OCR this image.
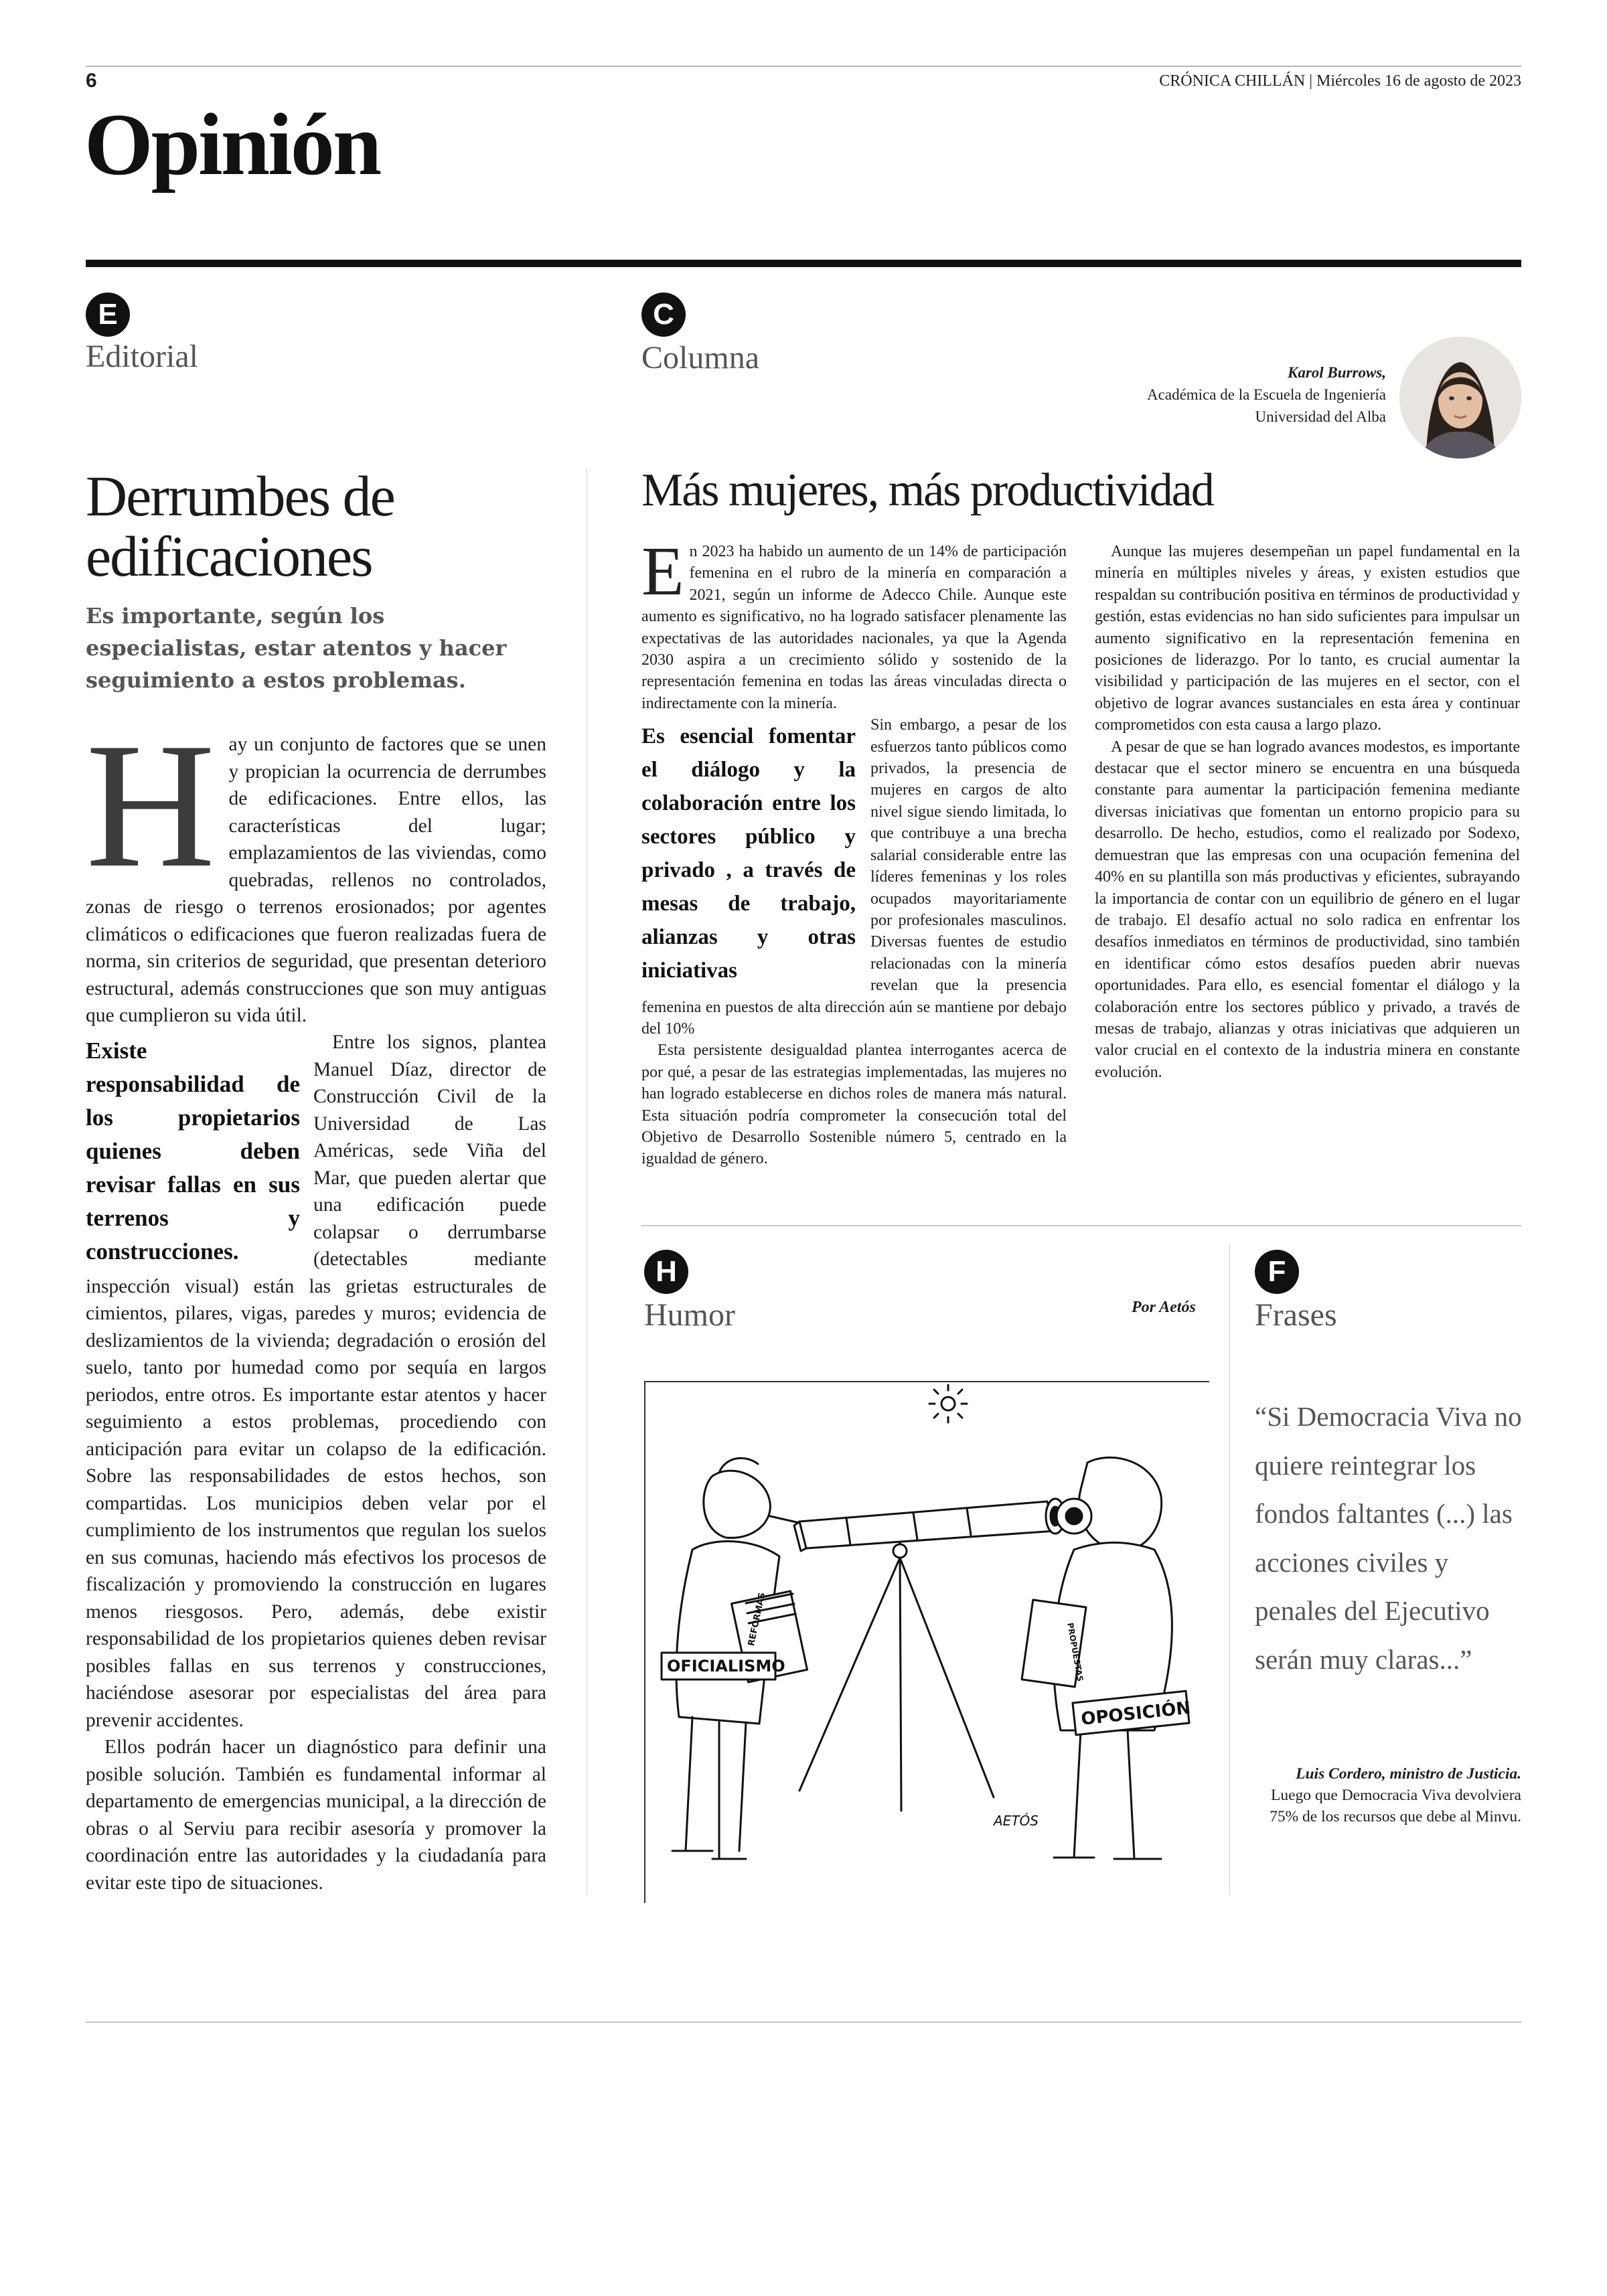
6	CRÓNICA CHILLÁN | Miércoles 16 de agosto de 2023
Opinión
E
Editorial
Derrumbes de edificaciones
Es importante, según los especialistas, estar atentos y hacer seguimiento a estos problemas.
H ay un conjunto de factores que se unen y propician la ocurrencia de derrumbes de edificaciones. Entre ellos, las características del lugar; emplazamientos de las viviendas, como quebradas, rellenos no controlados, zonas de riesgo o terrenos erosionados; por agentes climáticos o edificaciones que fueron realizadas fuera de norma, sin criterios de seguridad, que presentan deterioro estructural, además construcciones que son muy antiguas que cumplieron su vida útil.

Existe responsabilidad de los propietarios quienes deben revisar fallas en sus terrenos y construcciones.

Entre los signos, plantea Manuel Díaz, director de Construcción Civil de la Universidad de Las Américas, sede Viña del Mar, que pueden alertar que una edificación puede colapsar o derrumbarse (detectables mediante inspección visual) están las grietas estructurales de cimientos, pilares, vigas, paredes y muros; evidencia de deslizamientos de la vivienda; degradación o erosión del suelo, tanto por humedad como por sequía en largos periodos, entre otros. Es importante estar atentos y hacer seguimiento a estos problemas, procediendo con anticipación para evitar un colapso de la edificación. Sobre las responsabilidades de estos hechos, son compartidas. Los municipios deben velar por el cumplimiento de los instrumentos que regulan los suelos en sus comunas, haciendo más efectivos los procesos de fiscalización y promoviendo la construcción en lugares menos riesgosos. Pero, además, debe existir responsabilidad de los propietarios quienes deben revisar posibles fallas en sus terrenos y construcciones, haciéndose asesorar por especialistas del área para prevenir accidentes.

Ellos podrán hacer un diagnóstico para definir una posible solución. También es fundamental informar al departamento de emergencias municipal, a la dirección de obras o al Serviu para recibir asesoría y promover la coordinación entre las autoridades y la ciudadanía para evitar este tipo de situaciones.

C
Columna	Karol Burrows,
Académica de la Escuela de Ingeniería
Universidad del Alba
Más mujeres, más productividad
E n 2023 ha habido un aumento de un 14% de participación femenina en el rubro de la minería en comparación a 2021, según un informe de Adecco Chile. Aunque este aumento es significativo, no ha logrado satisfacer plenamente las expectativas de las autoridades nacionales, ya que la Agenda 2030 aspira a un crecimiento sólido y sostenido de la representación femenina en todas las áreas vinculadas directa o indirectamente con la minería.

Es esencial fomentar el diálogo y la colaboración entre los sectores público y privado , a través de mesas de trabajo, alianzas y otras iniciativas

Sin embargo, a pesar de los esfuerzos tanto públicos como privados, la presencia de mujeres en cargos de alto nivel sigue siendo limitada, lo que contribuye a una brecha salarial considerable entre las líderes femeninas y los roles ocupados mayoritariamente por profesionales masculinos. Diversas fuentes de estudio relacionadas con la minería revelan que la presencia femenina en puestos de alta dirección aún se mantiene por debajo del 10%

Esta persistente desigualdad plantea interrogantes acerca de por qué, a pesar de las estrategias implementadas, las mujeres no han logrado establecerse en dichos roles de manera más natural. Esta situación podría comprometer la consecución total del Objetivo de Desarrollo Sostenible número 5, centrado en la igualdad de género.

Aunque las mujeres desempeñan un papel fundamental en la minería en múltiples niveles y áreas, y existen estudios que respaldan su contribución positiva en términos de productividad y gestión, estas evidencias no han sido suficientes para impulsar un aumento significativo en la representación femenina en posiciones de liderazgo. Por lo tanto, es crucial aumentar la visibilidad y participación de las mujeres en el sector, con el objetivo de lograr avances sustanciales en esta área y continuar comprometidos con esta causa a largo plazo.

A pesar de que se han logrado avances modestos, es importante destacar que el sector minero se encuentra en una búsqueda constante para aumentar la participación femenina mediante diversas iniciativas que fomentan un entorno propicio para su desarrollo. De hecho, estudios, como el realizado por Sodexo, demuestran que las empresas con una ocupación femenina del 40% en su plantilla son más productivas y eficientes, subrayando la importancia de contar con un equilibrio de género en el lugar de trabajo. El desafío actual no solo radica en enfrentar los desafíos inmediatos en términos de productividad, sino también en identificar cómo estos desafíos pueden abrir nuevas oportunidades. Para ello, es esencial fomentar el diálogo y la colaboración entre los sectores público y privado, a través de mesas de trabajo, alianzas y otras iniciativas que adquieren un valor crucial en el contexto de la industria minera en constante evolución.

H
Humor	Por Aetós
OFICIALISMO
REFORMAS
PROPUESTAS
OPOSICIÓN
AETÓS
F
Frases
“Si Democracia Viva no quiere reintegrar los fondos faltantes (...) las acciones civiles y penales del Ejecutivo serán muy claras...”
Luis Cordero, ministro de Justicia.
Luego que Democracia Viva devolviera 75% de los recursos que debe al Minvu.
